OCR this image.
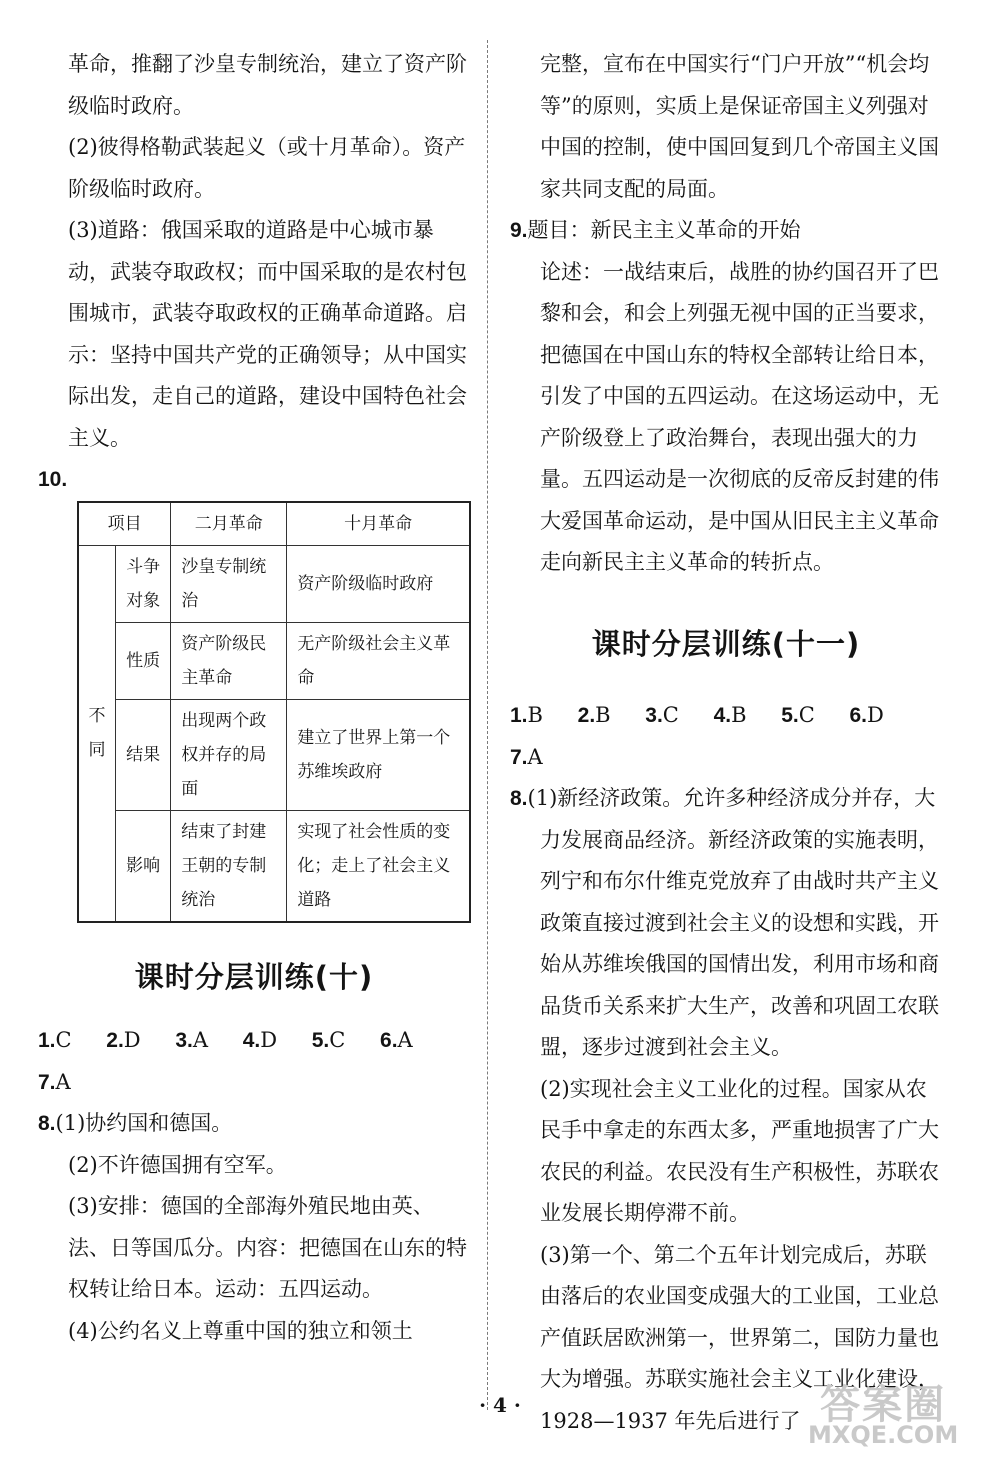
革命，推翻了沙皇专制统治，建立了资产阶级临时政府。

(2)彼得格勒武装起义（或十月革命）。资产阶级临时政府。

(3)道路：俄国采取的道路是中心城市暴动，武装夺取政权；而中国采取的是农村包围城市，武装夺取政权的正确革命道路。启示：坚持中国共产党的正确领导；从中国实际出发，走自己的道路，建设中国特色社会主义。

10.

项目		二月革命	十月革命
不同	斗争对象	沙皇专制统治	资产阶级临时政府
	性质	资产阶级民主革命	无产阶级社会主义革命
	结果	出现两个政权并存的局面	建立了世界上第一个苏维埃政府
	影响	结束了封建王朝的专制统治	实现了社会性质的变化；走上了社会主义道路

课时分层训练(十)

1.C 2.D 3.A 4.D 5.C 6.A

7.A

8.(1)协约国和德国。

(2)不许德国拥有空军。

(3)安排：德国的全部海外殖民地由英、法、日等国瓜分。内容：把德国在山东的特权转让给日本。运动：五四运动。

(4)公约名义上尊重中国的独立和领土

完整，宣布在中国实行“门户开放”“机会均等”的原则，实质上是保证帝国主义列强对中国的控制，使中国回复到几个帝国主义国家共同支配的局面。

9.题目：新民主主义革命的开始

论述：一战结束后，战胜的协约国召开了巴黎和会，和会上列强无视中国的正当要求，把德国在中国山东的特权全部转让给日本，引发了中国的五四运动。在这场运动中，无产阶级登上了政治舞台，表现出强大的力量。五四运动是一次彻底的反帝反封建的伟大爱国革命运动，是中国从旧民主主义革命走向新民主主义革命的转折点。

课时分层训练(十一)

1.B 2.B 3.C 4.B 5.C 6.D 7.A

8.(1)新经济政策。允许多种经济成分并存，大力发展商品经济。新经济政策的实施表明，列宁和布尔什维克党放弃了由战时共产主义政策直接过渡到社会主义的设想和实践，开始从苏维埃俄国的国情出发，利用市场和商品货币关系来扩大生产，改善和巩固工农联盟，逐步过渡到社会主义。

(2)实现社会主义工业化的过程。国家从农民手中拿走的东西太多，严重地损害了广大农民的利益。农民没有生产积极性，苏联农业发展长期停滞不前。

(3)第一个、第二个五年计划完成后，苏联由落后的农业国变成强大的工业国，工业总产值跃居欧洲第一，世界第二，国防力量也大为增强。苏联实施社会主义工业化建设，1928—1937 年先后进行了

· 4 ·	答案圈
MXQE.COM
